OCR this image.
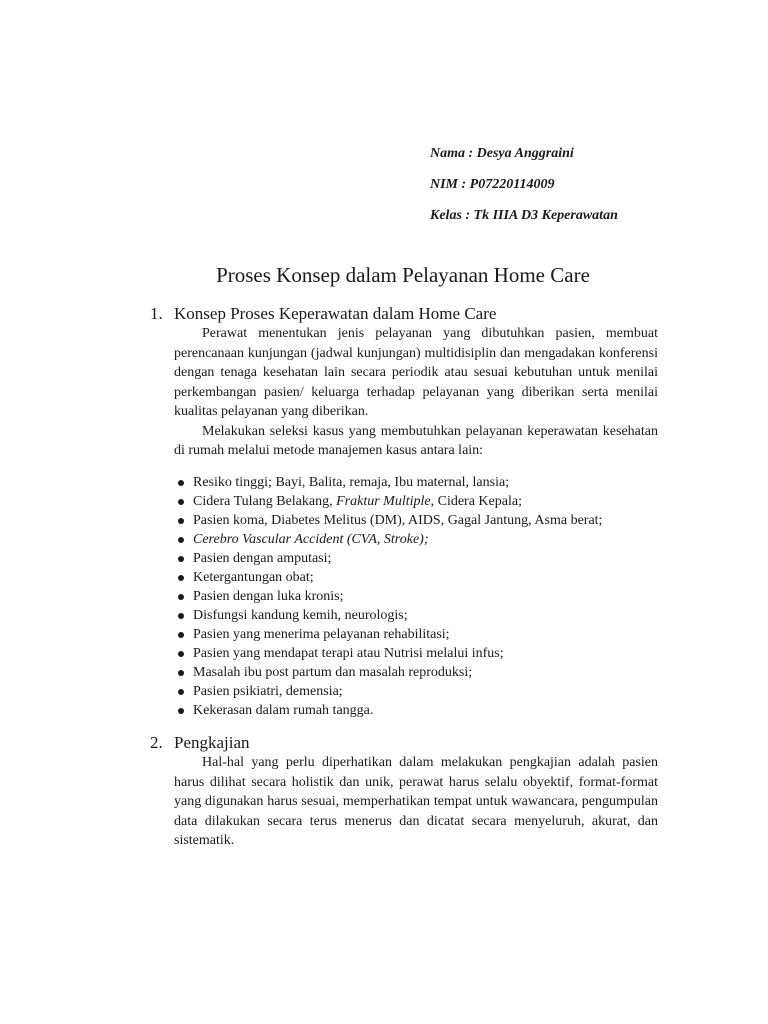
Nama : Desya Anggraini
NIM : P07220114009
Kelas : Tk IIIA D3 Keperawatan
Proses Konsep dalam Pelayanan Home Care
1. Konsep Proses Keperawatan dalam Home Care

Perawat menentukan jenis pelayanan yang dibutuhkan pasien, membuat perencanaan kunjungan (jadwal kunjungan) multidisiplin dan mengadakan konferensi dengan tenaga kesehatan lain secara periodik atau sesuai kebutuhan untuk menilai perkembangan pasien/ keluarga terhadap pelayanan yang diberikan serta menilai kualitas pelayanan yang diberikan.

Melakukan seleksi kasus yang membutuhkan pelayanan keperawatan kesehatan di rumah melalui metode manajemen kasus antara lain:

Resiko tinggi; Bayi, Balita, remaja, Ibu maternal, lansia;
Cidera Tulang Belakang, Fraktur Multiple, Cidera Kepala;
Pasien koma, Diabetes Melitus (DM), AIDS, Gagal Jantung, Asma berat;
Cerebro Vascular Accident (CVA, Stroke);
Pasien dengan amputasi;
Ketergantungan obat;
Pasien dengan luka kronis;
Disfungsi kandung kemih, neurologis;
Pasien yang menerima pelayanan rehabilitasi;
Pasien yang mendapat terapi atau Nutrisi melalui infus;
Masalah ibu post partum dan masalah reproduksi;
Pasien psikiatri, demensia;
Kekerasan dalam rumah tangga.
2. Pengkajian

Hal-hal yang perlu diperhatikan dalam melakukan pengkajian adalah pasien harus dilihat secara holistik dan unik, perawat harus selalu obyektif, format-format yang digunakan harus sesuai, memperhatikan tempat untuk wawancara, pengumpulan data dilakukan secara terus menerus dan dicatat secara menyeluruh, akurat, dan sistematik.
